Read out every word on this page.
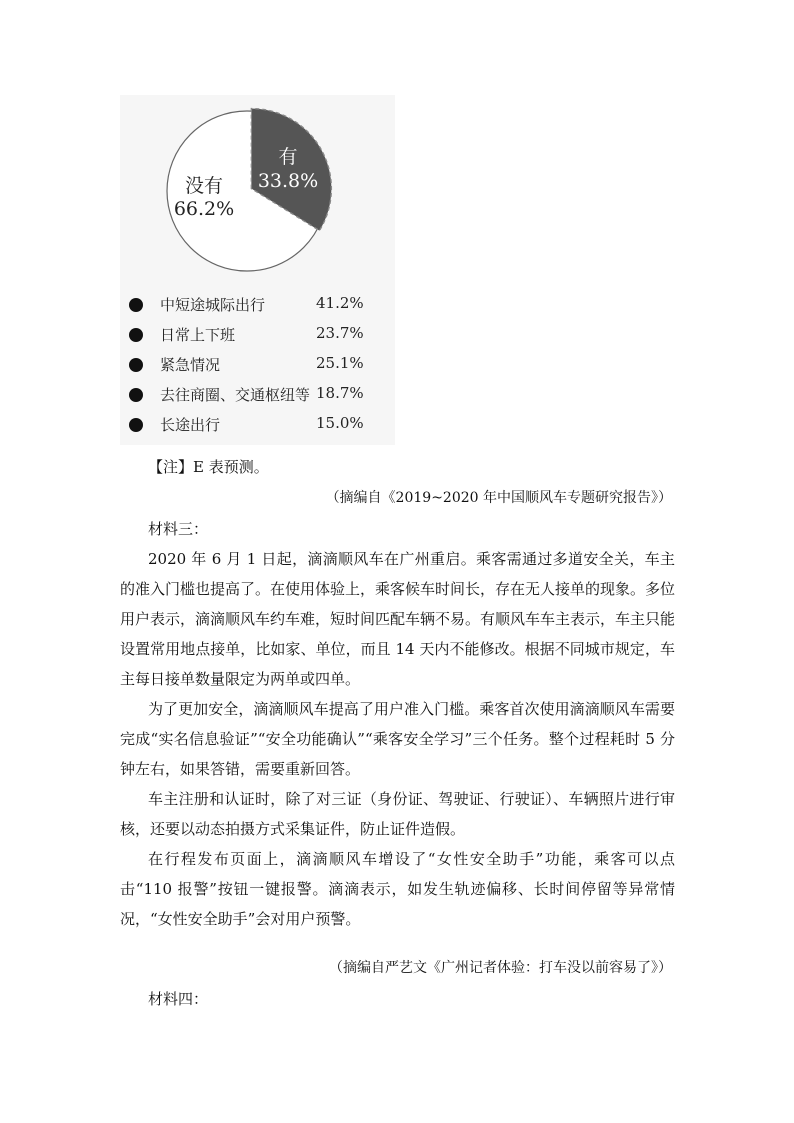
有
33.8%
没有
66.2%
中短途城际出行	41.2%
日常上下班	23.7%
紧急情况	25.1%
去往商圈、交通枢纽等 18.7%
长途出行	15.0%

【注】E 表预测。

（摘编自《2019~2020 年中国顺风车专题研究报告》）

材料三：

2020 年 6 月 1 日起，滴滴顺风车在广州重启。乘客需通过多道安全关，车主的准入门槛也提高了。在使用体验上，乘客候车时间长，存在无人接单的现象。多位用户表示，滴滴顺风车约车难，短时间匹配车辆不易。有顺风车车主表示，车主只能设置常用地点接单，比如家、单位，而且 14 天内不能修改。根据不同城市规定，车主每日接单数量限定为两单或四单。

为了更加安全，滴滴顺风车提高了用户准入门槛。乘客首次使用滴滴顺风车需要完成“实名信息验证”“安全功能确认”“乘客安全学习”三个任务。整个过程耗时 5 分钟左右，如果答错，需要重新回答。

车主注册和认证时，除了对三证（身份证、驾驶证、行驶证）、车辆照片进行审核，还要以动态拍摄方式采集证件，防止证件造假。

在行程发布页面上，滴滴顺风车增设了“女性安全助手”功能，乘客可以点击“110 报警”按钮一键报警。滴滴表示，如发生轨迹偏移、长时间停留等异常情况，“女性安全助手”会对用户预警。

（摘编自严艺文《广州记者体验：打车没以前容易了》）

材料四：
